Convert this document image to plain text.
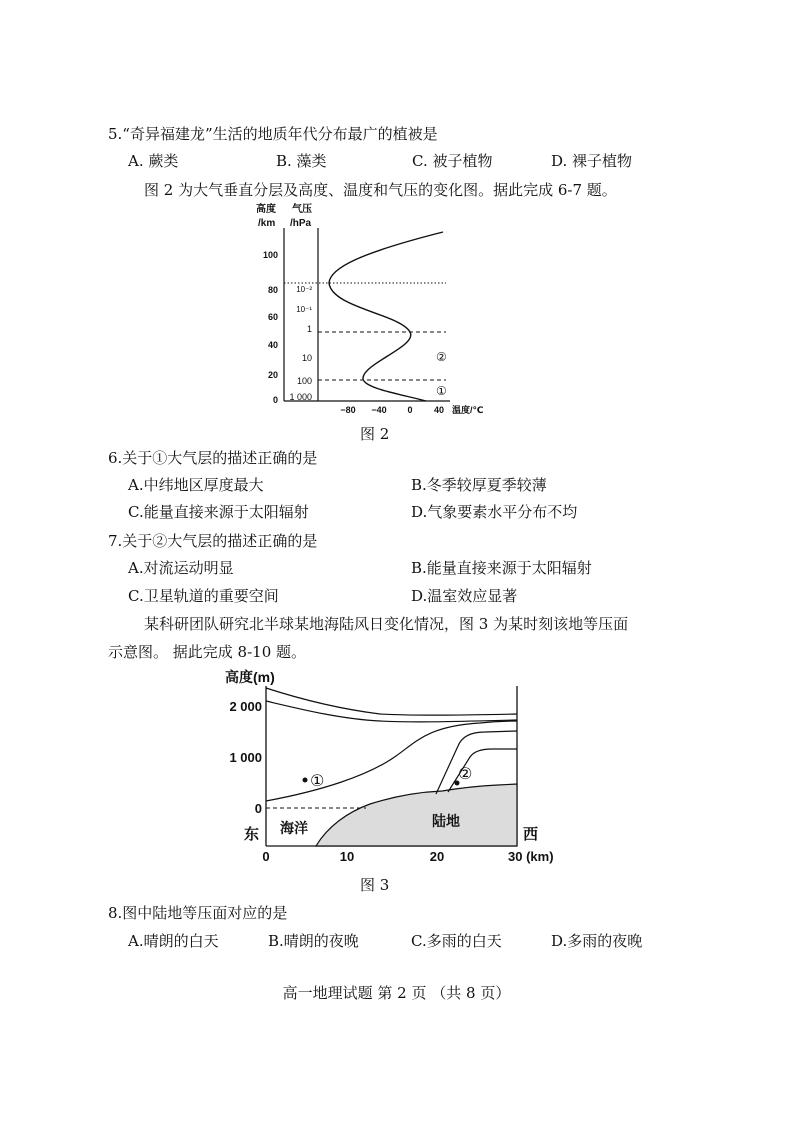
5.“奇异福建龙”生活的地质年代分布最广的植被是
A. 蕨类	B. 藻类	C. 被子植物	D. 裸子植物
图 2 为大气垂直分层及高度、温度和气压的变化图。据此完成 6-7 题。
高度
/km
气压
/hPa
0
20
40
60
80
100
1 000
100
10
1
10⁻¹
10⁻²
②
①
−80 −40 0 40 温度/℃
图 2
6.关于①大气层的描述正确的是
A.中纬地区厚度最大	B.冬季较厚夏季较薄
C.能量直接来源于太阳辐射	D.气象要素水平分布不均
7.关于②大气层的描述正确的是
A.对流运动明显	B.能量直接来源于太阳辐射
C.卫星轨道的重要空间	D.温室效应显著
某科研团队研究北半球某地海陆风日变化情况，图 3 为某时刻该地等压面
示意图。 据此完成 8-10 题。
高度(m)
2 000
1 000
0
①	②
海洋	陆地
东	西
0	10	20	30 (km)
图 3
8.图中陆地等压面对应的是
A.晴朗的白天	B.晴朗的夜晚	C.多雨的白天	D.多雨的夜晚
高一地理试题 第 2 页 （共 8 页）
